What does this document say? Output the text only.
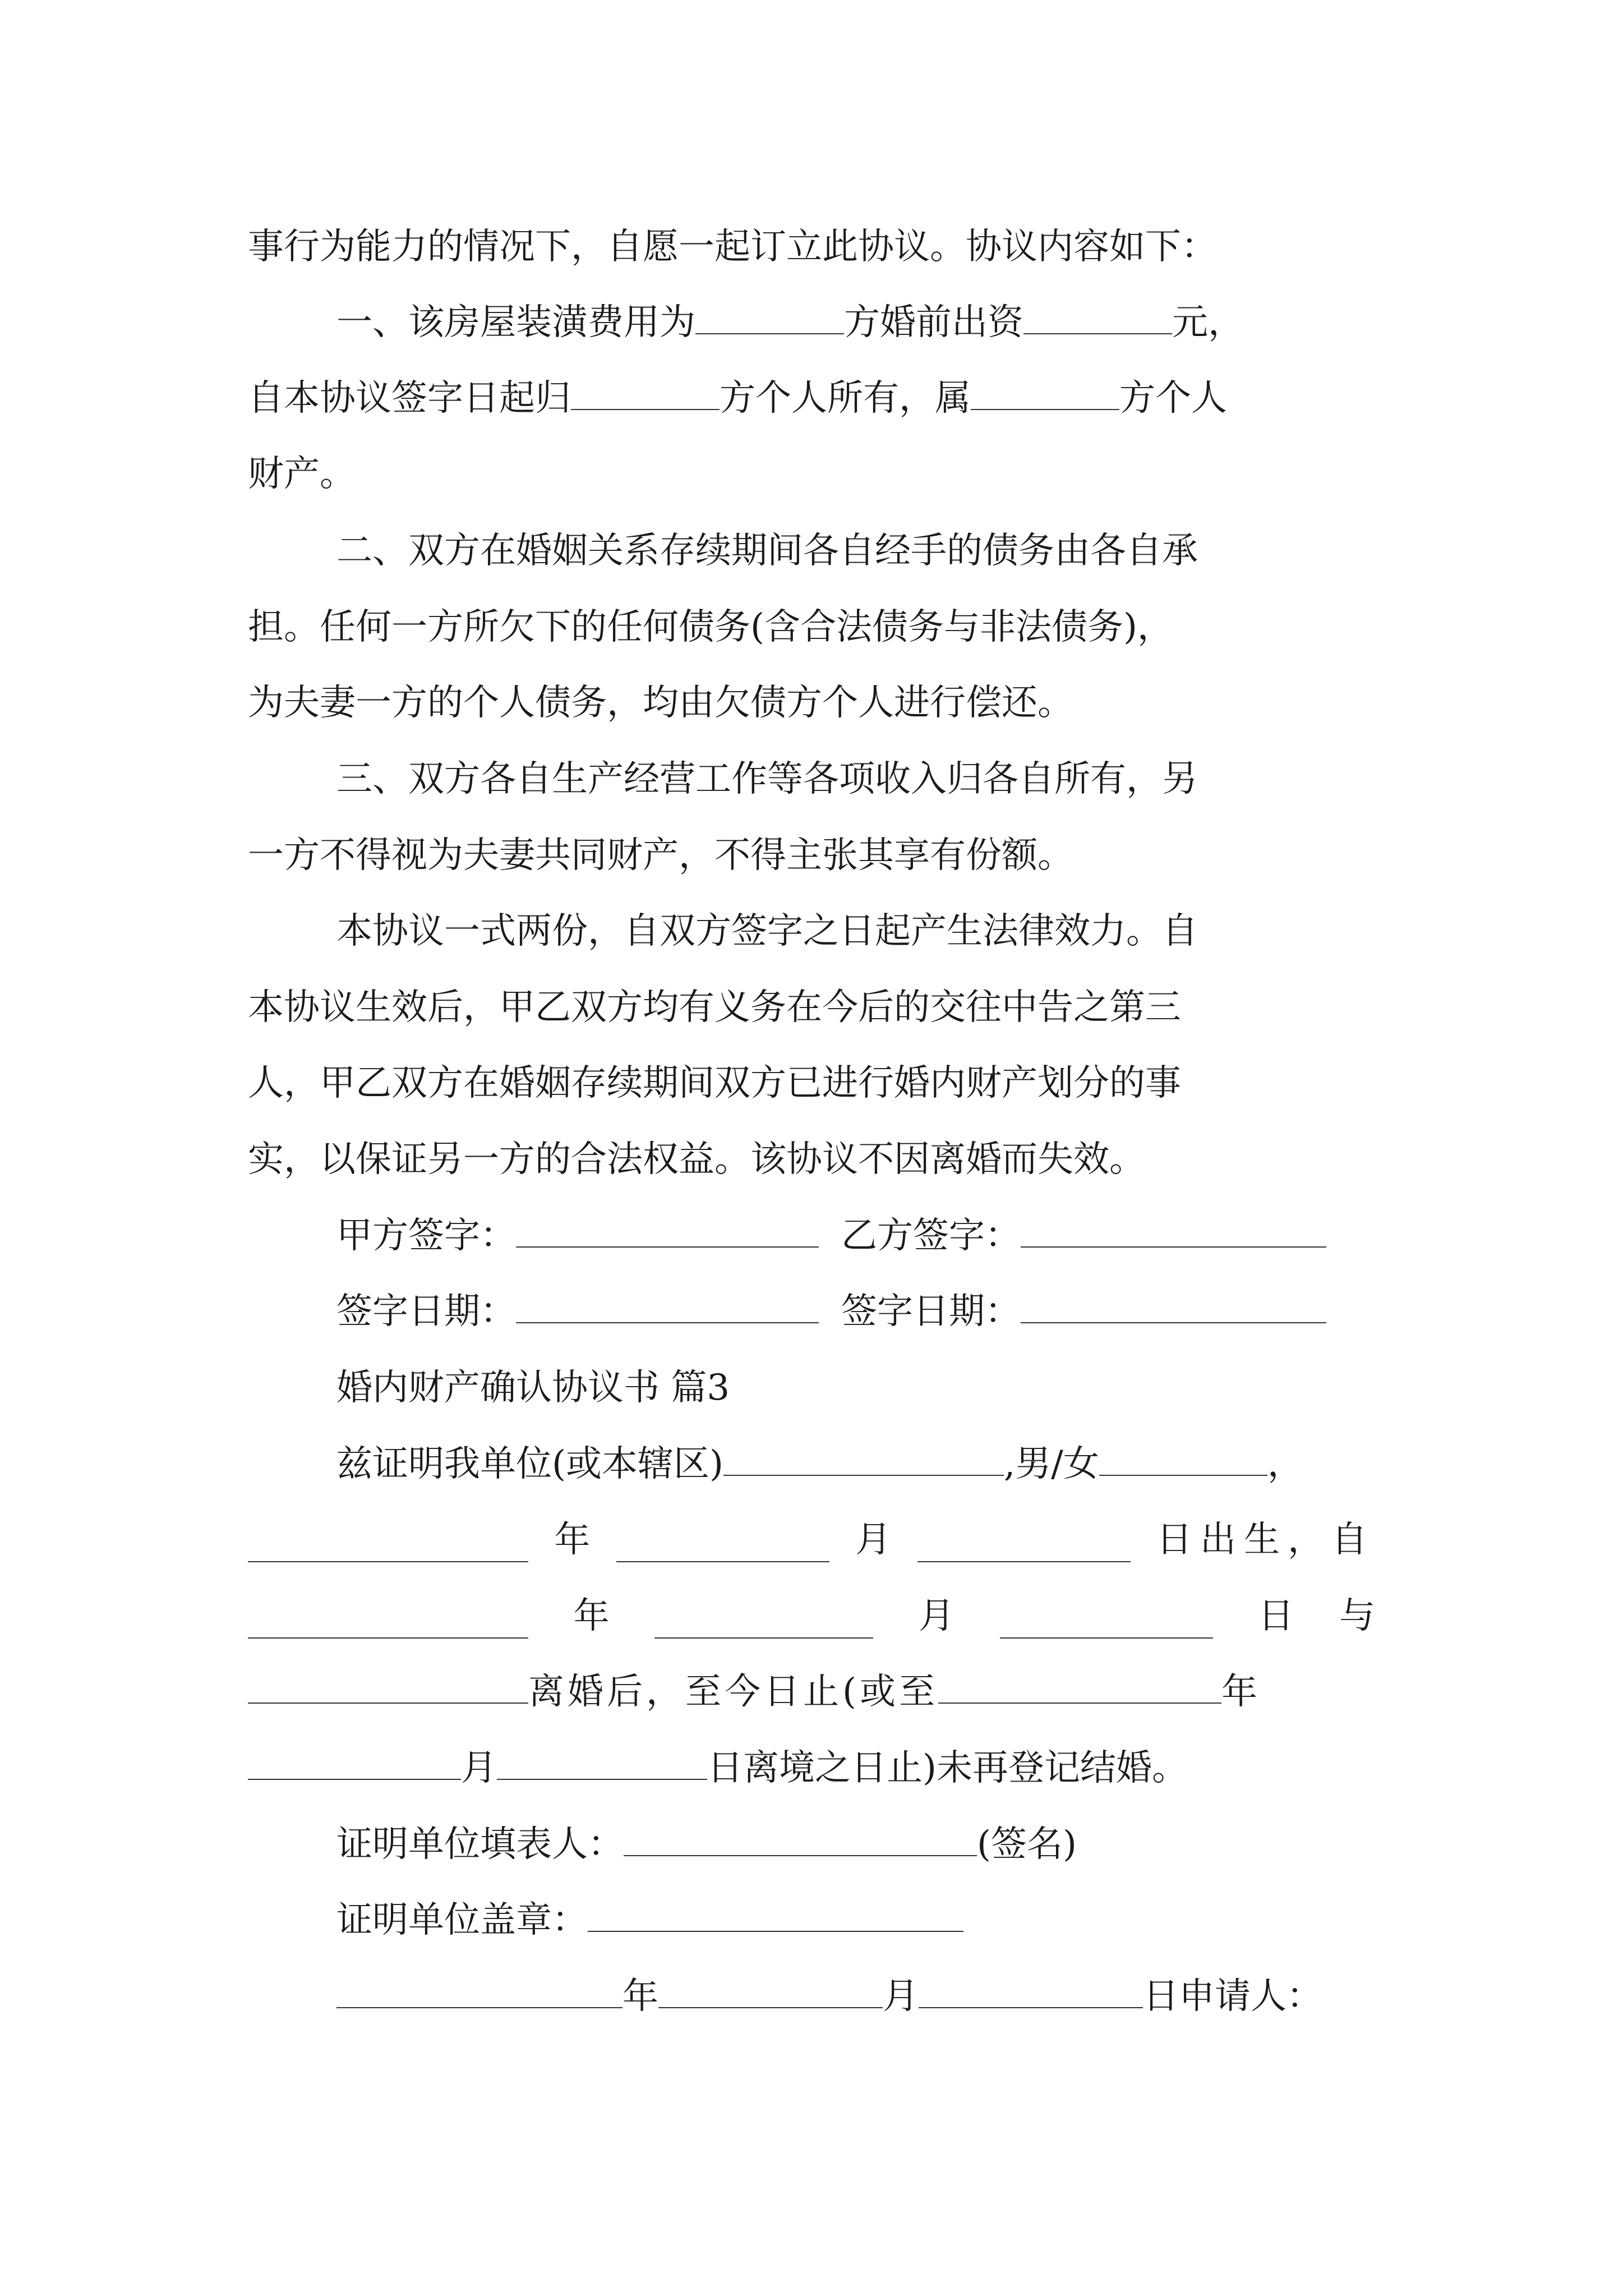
事行为能力的情况下，自愿一起订立此协议。协议内容如下：
一、该房屋装潢费用为	方婚前出资	元，
自本协议签字日起归	方个人所有，属	方个人
财产。
二、双方在婚姻关系存续期间各自经手的债务由各自承
担。任何一方所欠下的任何债务(含合法债务与非法债务)，
为夫妻一方的个人债务，均由欠债方个人进行偿还。
三、双方各自生产经营工作等各项收入归各自所有，另
一方不得视为夫妻共同财产，不得主张其享有份额。
本协议一式两份，自双方签字之日起产生法律效力。自
本协议生效后，甲乙双方均有义务在今后的交往中告之第三
人，甲乙双方在婚姻存续期间双方已进行婚内财产划分的事
实，以保证另一方的合法权益。该协议不因离婚而失效。
甲方签字：	乙方签字：
签字日期：	签字日期：
婚内财产确认协议书 篇3
兹证明我单位(或本辖区)	,男/女	，
年	月	日出生，自
年	月	日 与
离婚后，至今日止(或至	年
月	日离境之日止)未再登记结婚。
证明单位填表人：	(签名)
证明单位盖章：
年	月	日申请人：
